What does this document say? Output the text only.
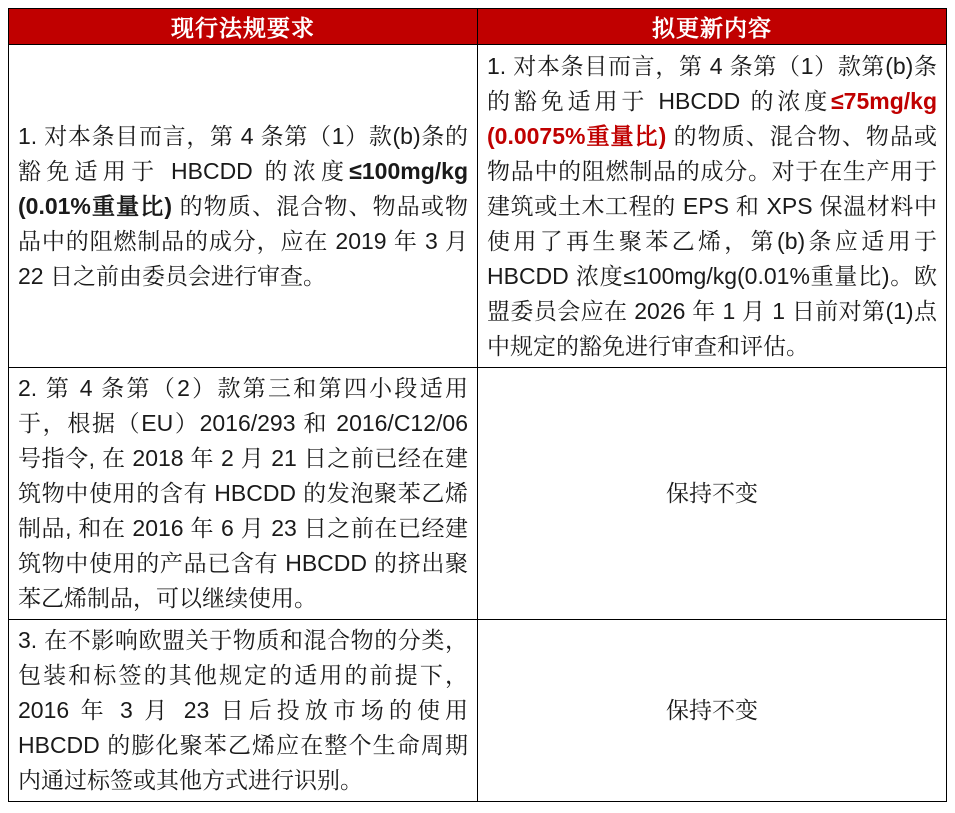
现行法规要求	拟更新内容
1. 对本条目而言，第 4 条第（1）款(b)条的豁免适用于 HBCDD 的浓度≤100mg/kg (0.01%重量比) 的物质、混合物、物品或物品中的阻燃制品的成分，应在 2019 年 3 月 22 日之前由委员会进行审查。	1. 对本条目而言，第 4 条第（1）款第(b)条的豁免适用于 HBCDD 的浓度≤75mg/kg (0.0075%重量比) 的物质、混合物、物品或物品中的阻燃制品的成分。对于在生产用于建筑或土木工程的 EPS 和 XPS 保温材料中使用了再生聚苯乙烯，第(b)条应适用于 HBCDD 浓度≤100mg/kg(0.01%重量比)。欧盟委员会应在 2026 年 1 月 1 日前对第(1)点中规定的豁免进行审查和评估。
2. 第 4 条第（2）款第三和第四小段适用于，根据（EU）2016/293 和 2016/C12/06 号指令, 在 2018 年 2 月 21 日之前已经在建筑物中使用的含有 HBCDD 的发泡聚苯乙烯制品, 和在 2016 年 6 月 23 日之前在已经建筑物中使用的产品已含有 HBCDD 的挤出聚苯乙烯制品，可以继续使用。	保持不变
3. 在不影响欧盟关于物质和混合物的分类，包装和标签的其他规定的适用的前提下，2016 年 3 月 23 日后投放市场的使用 HBCDD 的膨化聚苯乙烯应在整个生命周期内通过标签或其他方式进行识别。	保持不变
